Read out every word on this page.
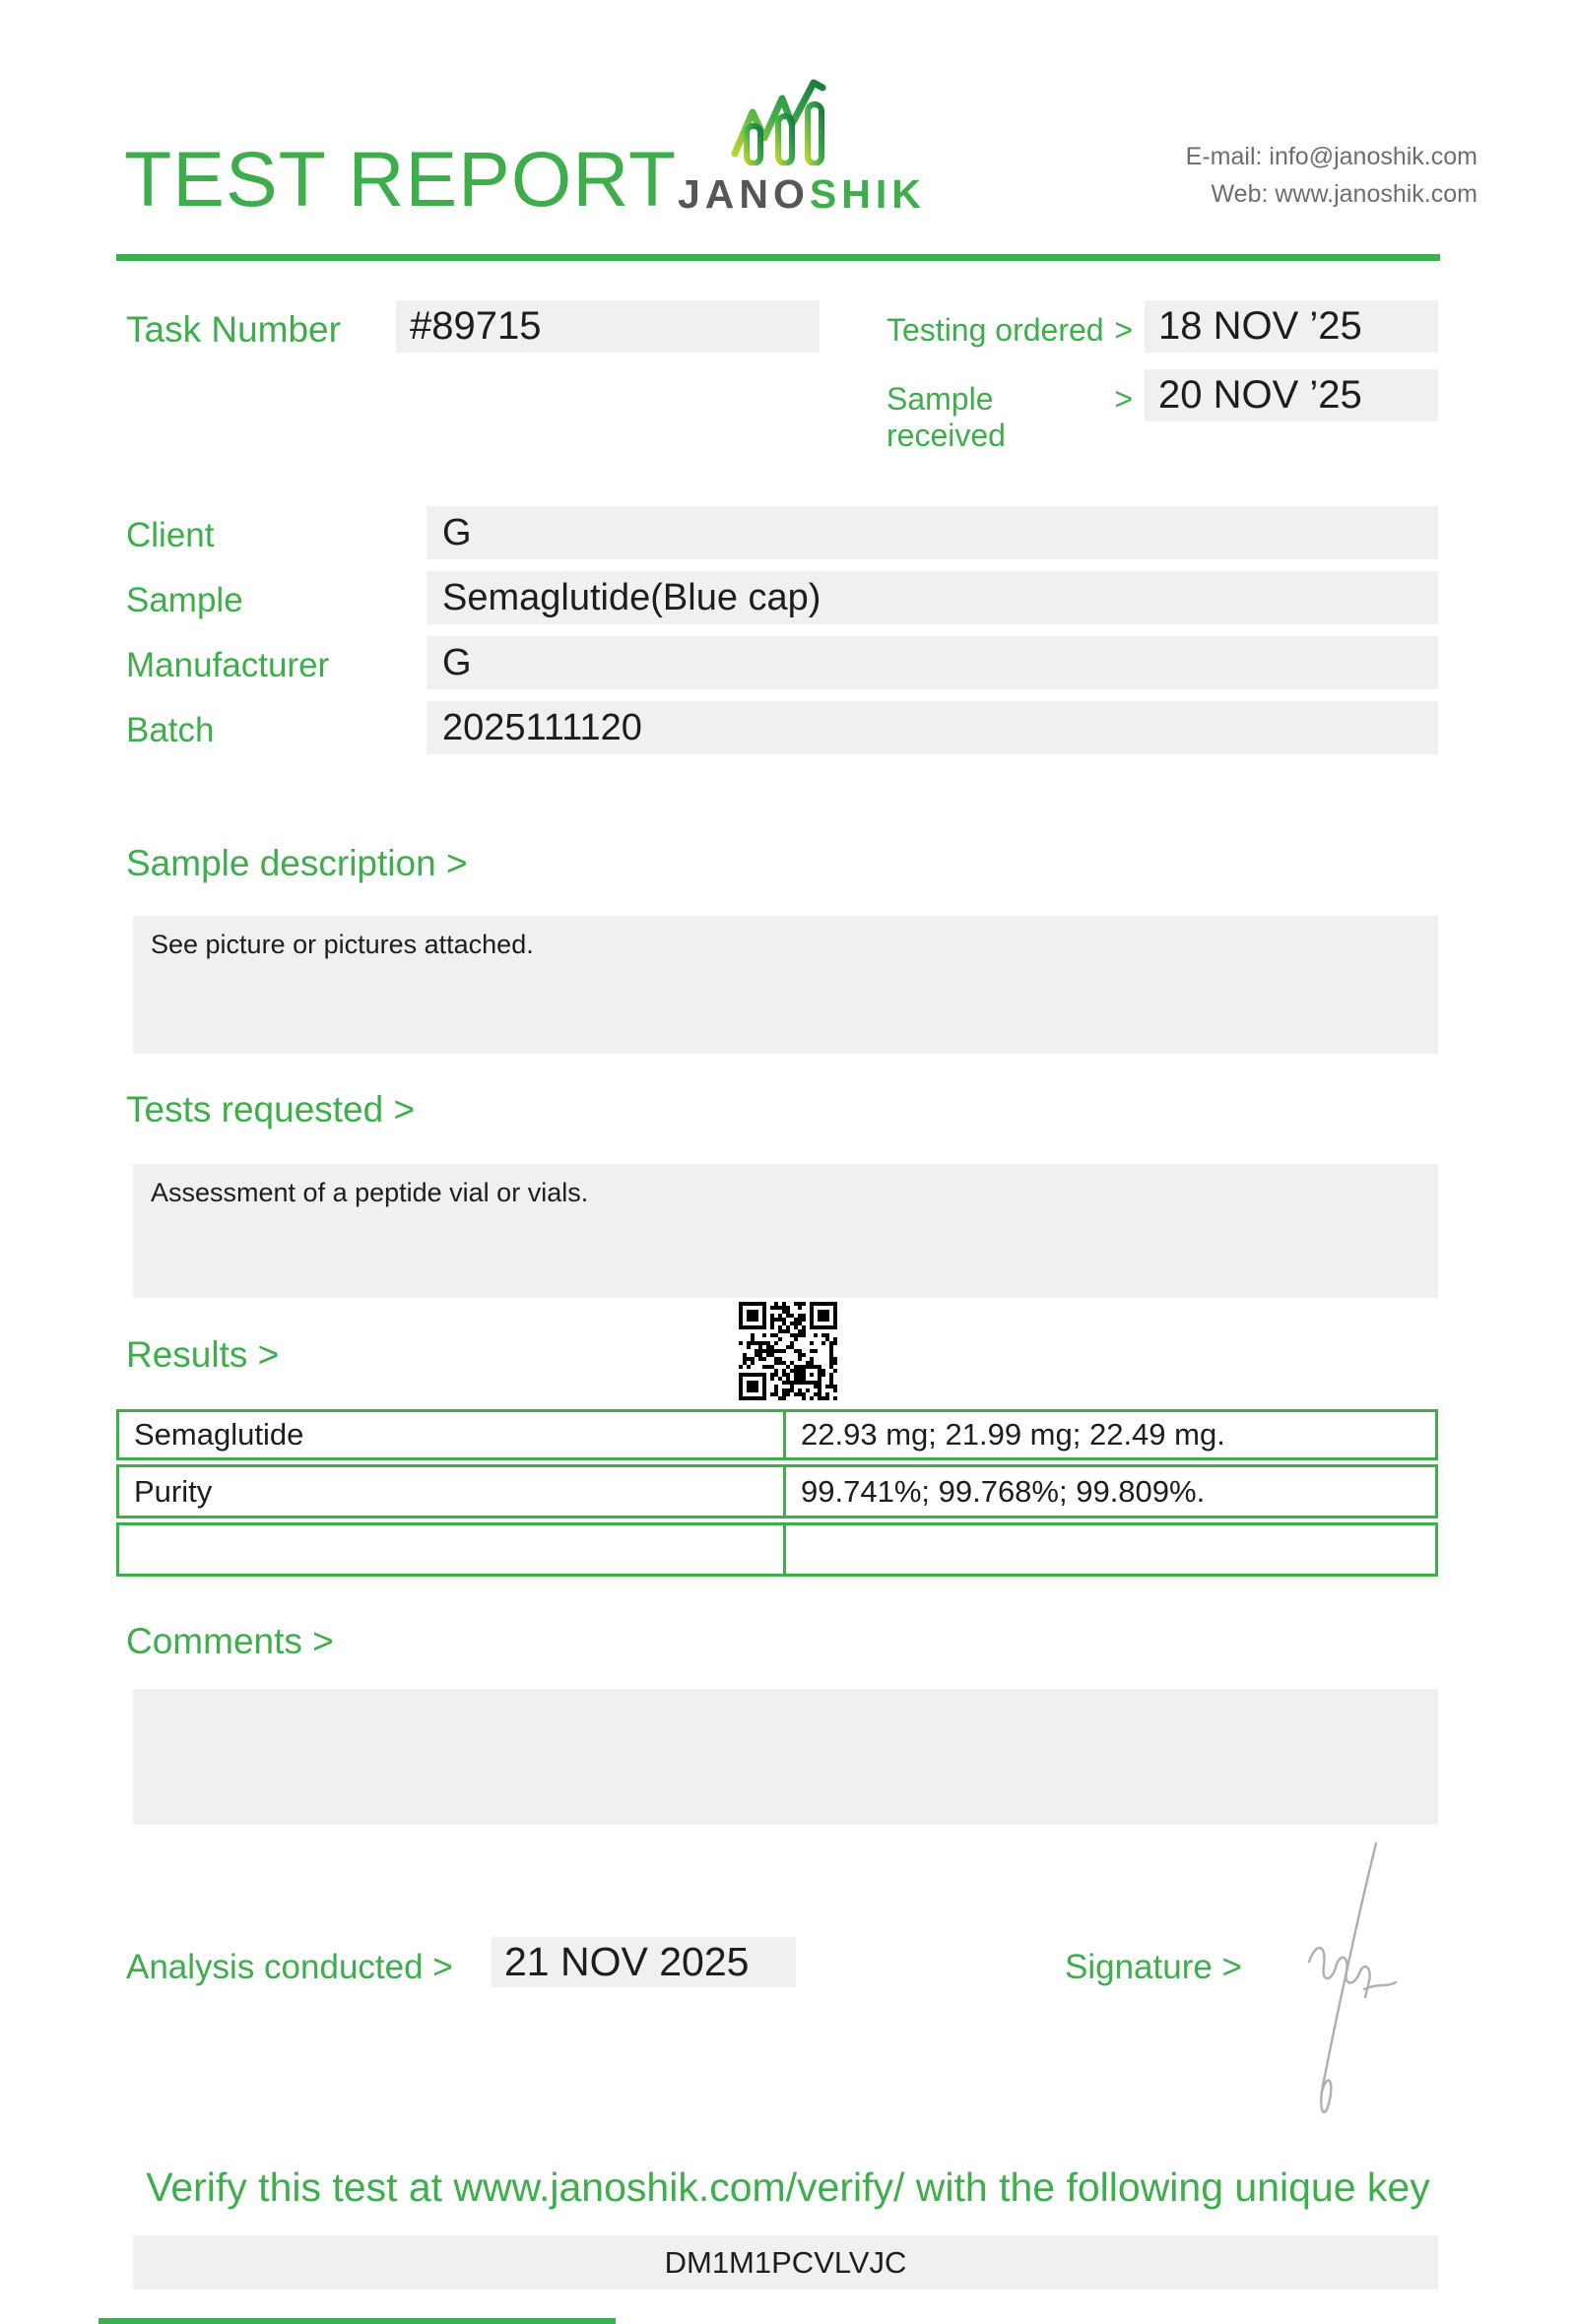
TEST REPORT JANOSHIK
E-mail: info@janoshik.com
Web: www.janoshik.com
Task Number #89715	Testing ordered > 18 NOV ’25
Sample received
> 20 NOV ’25
Client	G
Sample	Semaglutide(Blue cap)
Manufacturer	G
Batch	2025111120
Sample description >
See picture or pictures attached.
Tests requested >
Assessment of a peptide vial or vials.
Results >
Semaglutide	22.93 mg; 21.99 mg; 22.49 mg.
Purity	99.741%; 99.768%; 99.809%.
Comments >
Analysis conducted > 21 NOV 2025	Signature >
Verify this test at www.janoshik.com/verify/ with the following unique key
DM1M1PCVLVJC
